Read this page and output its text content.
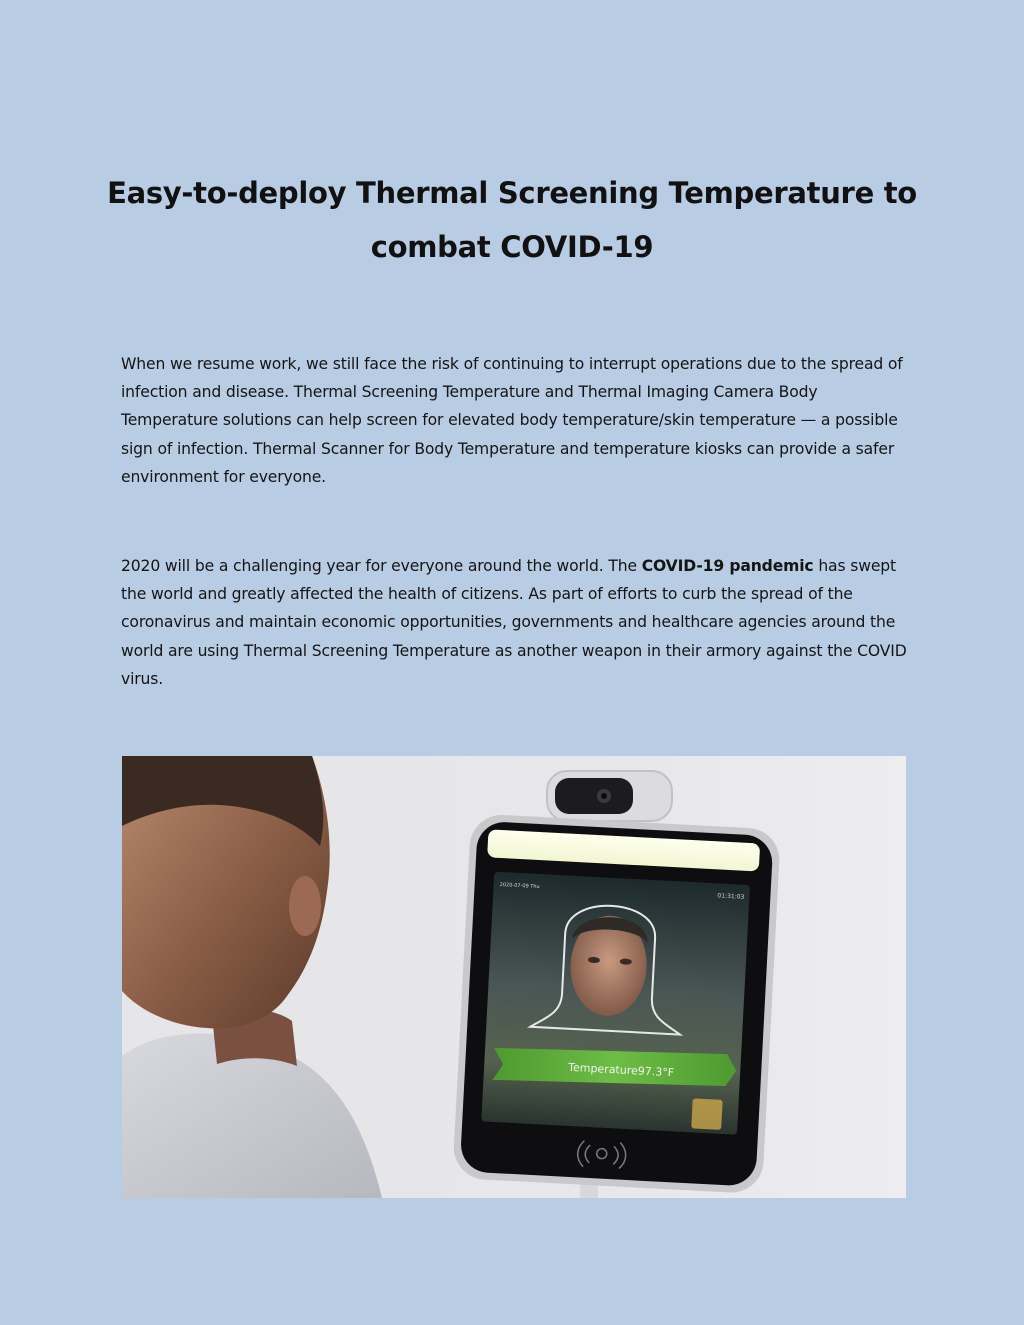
Easy-to-deploy Thermal Screening Temperature to
combat COVID-19

When we resume work, we still face the risk of continuing to interrupt operations due to the spread of infection and disease. Thermal Screening Temperature and Thermal Imaging Camera Body Temperature solutions can help screen for elevated body temperature/skin temperature — a possible sign of infection. Thermal Scanner for Body Temperature and temperature kiosks can provide a safer environment for everyone.

2020 will be a challenging year for everyone around the world. The COVID-19 pandemic has swept the world and greatly affected the health of citizens. As part of efforts to curb the spread of the coronavirus and maintain economic opportunities, governments and healthcare agencies around the world are using Thermal Screening Temperature as another weapon in their armory against the COVID virus.

Temperature97.3°F
2020-07-09 Thu
01:31:03
